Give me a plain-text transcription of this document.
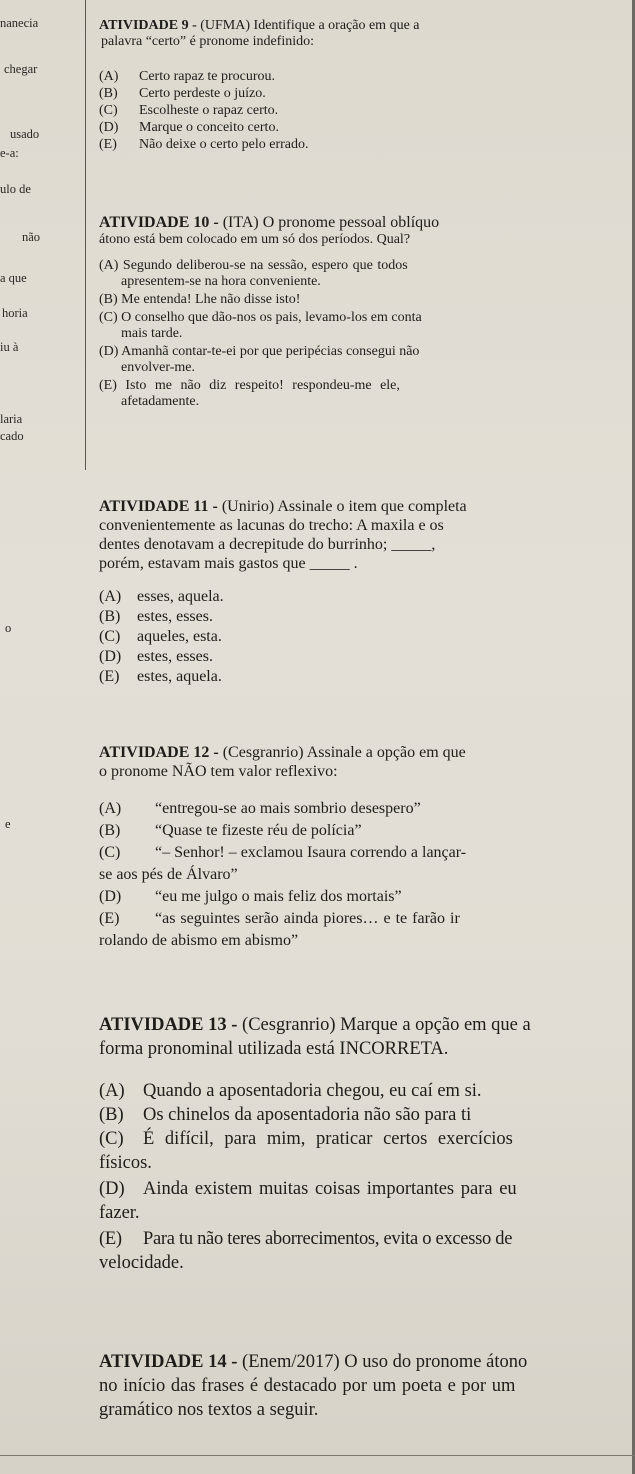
nanecia
chegar
usado
e-a:
ulo de
não
a que
horia
iu à
laria
cado
o
e

ATIVIDADE 9 - (UFMA) Identifique a oração em que a

palavra “certo” é pronome indefinido:

(A)	Certo rapaz te procurou.

(B)	Certo perdeste o juízo.

(C)	Escolheste o rapaz certo.

(D)	Marque o conceito certo.

(E)	Não deixe o certo pelo errado.

ATIVIDADE 10 - (ITA) O pronome pessoal oblíquo

átono está bem colocado em um só dos períodos. Qual?

(A) Segundo deliberou-se na sessão, espero que todos

apresentem-se na hora conveniente.

(B) Me entenda! Lhe não disse isto!

(C) O conselho que dão-nos os pais, levamo-los em conta

mais tarde.

(D) Amanhã contar-te-ei por que peripécias consegui não

envolver-me.

(E) Isto me não diz respeito! respondeu-me ele,

afetadamente.

ATIVIDADE 11 - (Unirio) Assinale o item que completa

convenientemente as lacunas do trecho: A maxila e os

dentes denotavam a decrepitude do burrinho; _____,

porém, estavam mais gastos que _____ .

(A) esses, aquela.

(B)	estes, esses.

(C)	aqueles, esta.

(D) estes, esses.

(E)	estes, aquela.

ATIVIDADE 12 - (Cesgranrio) Assinale a opção em que

o pronome NÃO tem valor reflexivo:

(A)	“entregou-se ao mais sombrio desespero”

(B)	“Quase te fizeste réu de polícia”

(C)	“– Senhor! – exclamou Isaura correndo a lançar-

se aos pés de Álvaro”

(D)	“eu me julgo o mais feliz dos mortais”

(E)	“as seguintes serão ainda piores… e te farão ir

rolando de abismo em abismo”

ATIVIDADE 13 - (Cesgranrio) Marque a opção em que a

forma pronominal utilizada está INCORRETA.

(A) Quando a aposentadoria chegou, eu caí em si.

(B)	Os chinelos da aposentadoria não são para ti

(C)	É difícil, para mim, praticar certos exercícios

físicos.

(D) Ainda existem muitas coisas importantes para eu

fazer.

(E)	Para tu não teres aborrecimentos, evita o excesso de

velocidade.

ATIVIDADE 14 - (Enem/2017) O uso do pronome átono

no início das frases é destacado por um poeta e por um

gramático nos textos a seguir.
